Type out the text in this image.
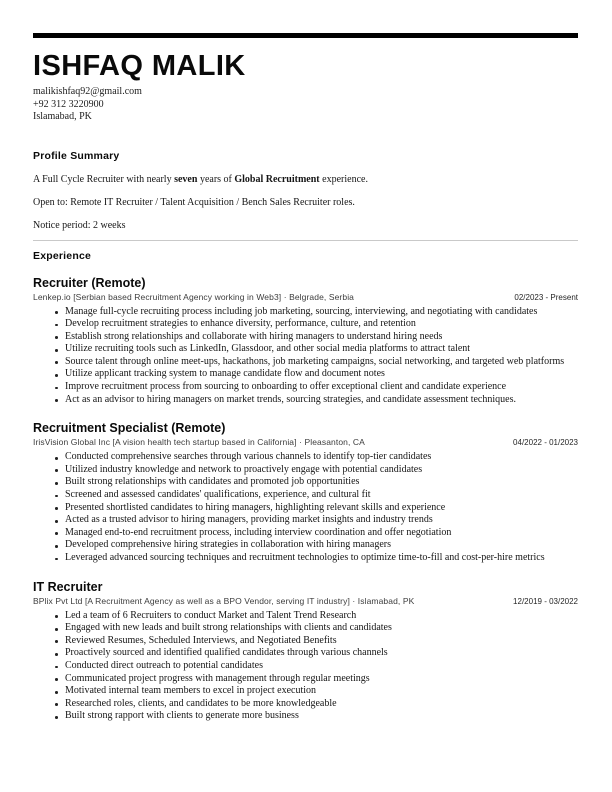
ISHFAQ MALIK
malikishfaq92@gmail.com
+92 312 3220900
Islamabad, PK
Profile Summary

A Full Cycle Recruiter with nearly seven years of Global Recruitment experience.

Open to: Remote IT Recruiter / Talent Acquisition / Bench Sales Recruiter roles.

Notice period: 2 weeks

Experience
Recruiter (Remote)
Lenkep.io [Serbian based Recruitment Agency working in Web3] · Belgrade, Serbia	02/2023 - Present
Manage full-cycle recruiting process including job marketing, sourcing, interviewing, and negotiating with candidates
Develop recruitment strategies to enhance diversity, performance, culture, and retention
Establish strong relationships and collaborate with hiring managers to understand hiring needs
Utilize recruiting tools such as LinkedIn, Glassdoor, and other social media platforms to attract talent
Source talent through online meet-ups, hackathons, job marketing campaigns, social networking, and targeted web platforms
Utilize applicant tracking system to manage candidate flow and document notes
Improve recruitment process from sourcing to onboarding to offer exceptional client and candidate experience
Act as an advisor to hiring managers on market trends, sourcing strategies, and candidate assessment techniques.
Recruitment Specialist (Remote)
IrisVision Global Inc [A vision health tech startup based in California] · Pleasanton, CA	04/2022 - 01/2023
Conducted comprehensive searches through various channels to identify top-tier candidates
Utilized industry knowledge and network to proactively engage with potential candidates
Built strong relationships with candidates and promoted job opportunities
Screened and assessed candidates' qualifications, experience, and cultural fit
Presented shortlisted candidates to hiring managers, highlighting relevant skills and experience
Acted as a trusted advisor to hiring managers, providing market insights and industry trends
Managed end-to-end recruitment process, including interview coordination and offer negotiation
Developed comprehensive hiring strategies in collaboration with hiring managers
Leveraged advanced sourcing techniques and recruitment technologies to optimize time-to-fill and cost-per-hire metrics
IT Recruiter
BPlix Pvt Ltd [A Recruitment Agency as well as a BPO Vendor, serving IT industry] · Islamabad, PK	12/2019 - 03/2022
Led a team of 6 Recruiters to conduct Market and Talent Trend Research
Engaged with new leads and built strong relationships with clients and candidates
Reviewed Resumes, Scheduled Interviews, and Negotiated Benefits
Proactively sourced and identified qualified candidates through various channels
Conducted direct outreach to potential candidates
Communicated project progress with management through regular meetings
Motivated internal team members to excel in project execution
Researched roles, clients, and candidates to be more knowledgeable
Built strong rapport with clients to generate more business
